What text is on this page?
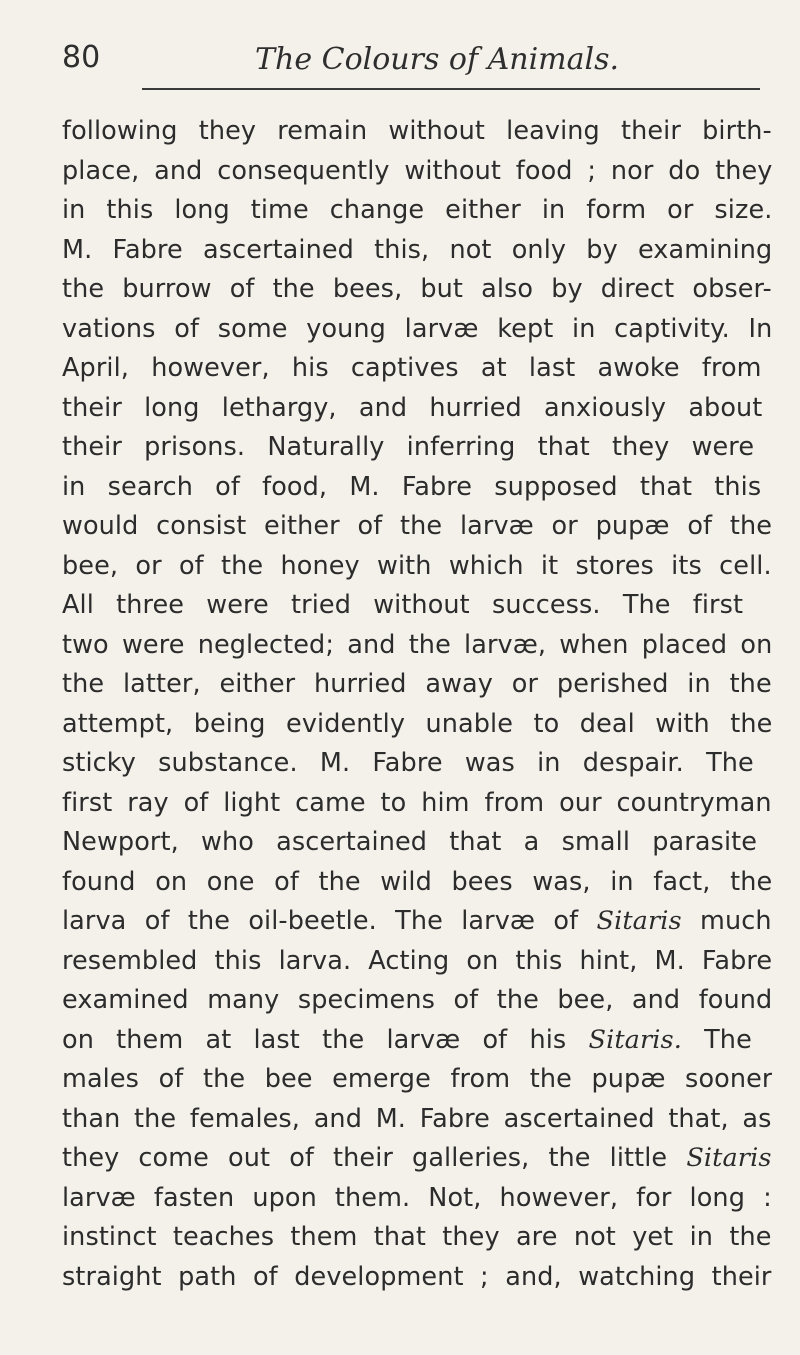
80	The Colours of Animals.
following they remain without leaving their birth-
place, and consequently without food ; nor do they
in this long time change either in form or size.
M. Fabre ascertained this, not only by examining
the burrow of the bees, but also by direct obser-
vations of some young larvæ kept in captivity. In
April, however, his captives at last awoke from
their long lethargy, and hurried anxiously about
their prisons. Naturally inferring that they were
in search of food, M. Fabre supposed that this
would consist either of the larvæ or pupæ of the
bee, or of the honey with which it stores its cell.
All three were tried without success. The first
two were neglected; and the larvæ, when placed on
the latter, either hurried away or perished in the
attempt, being evidently unable to deal with the
sticky substance. M. Fabre was in despair. The
first ray of light came to him from our countryman
Newport, who ascertained that a small parasite
found on one of the wild bees was, in fact, the
larva of the oil-beetle. The larvæ of Sitaris much
resembled this larva. Acting on this hint, M. Fabre
examined many specimens of the bee, and found
on them at last the larvæ of his Sitaris. The
males of the bee emerge from the pupæ sooner
than the females, and M. Fabre ascertained that, as
they come out of their galleries, the little Sitaris
larvæ fasten upon them. Not, however, for long :
instinct teaches them that they are not yet in the
straight path of development ; and, watching their
